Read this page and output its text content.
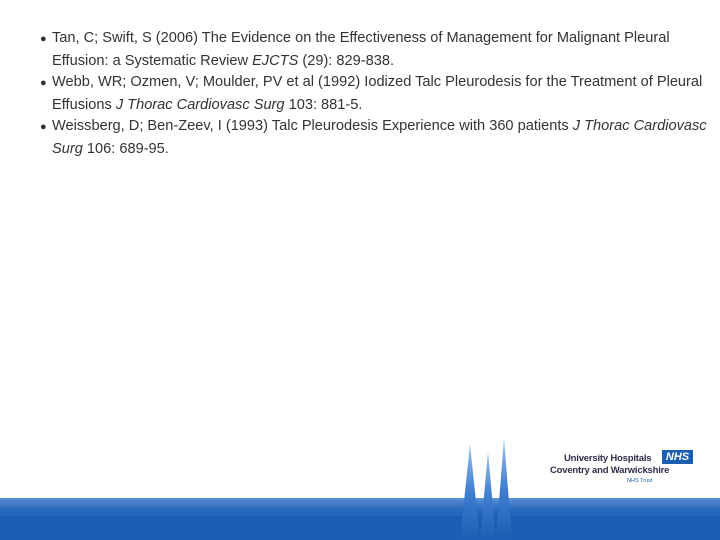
● Tan, C; Swift, S (2006) The Evidence on the Effectiveness of Management for Malignant Pleural Effusion: a Systematic Review EJCTS (29): 829-838.
● Webb, WR; Ozmen, V; Moulder, PV et al (1992) Iodized Talc Pleurodesis for the Treatment of Pleural Effusions J Thorac Cardiovasc Surg 103: 881-5.
● Weissberg, D; Ben-Zeev, I (1993) Talc Pleurodesis Experience with 360 patients J Thorac Cardiovasc Surg 106: 689-95.
University Hospitals	NHS
Coventry and Warwickshire
NHS Trust
